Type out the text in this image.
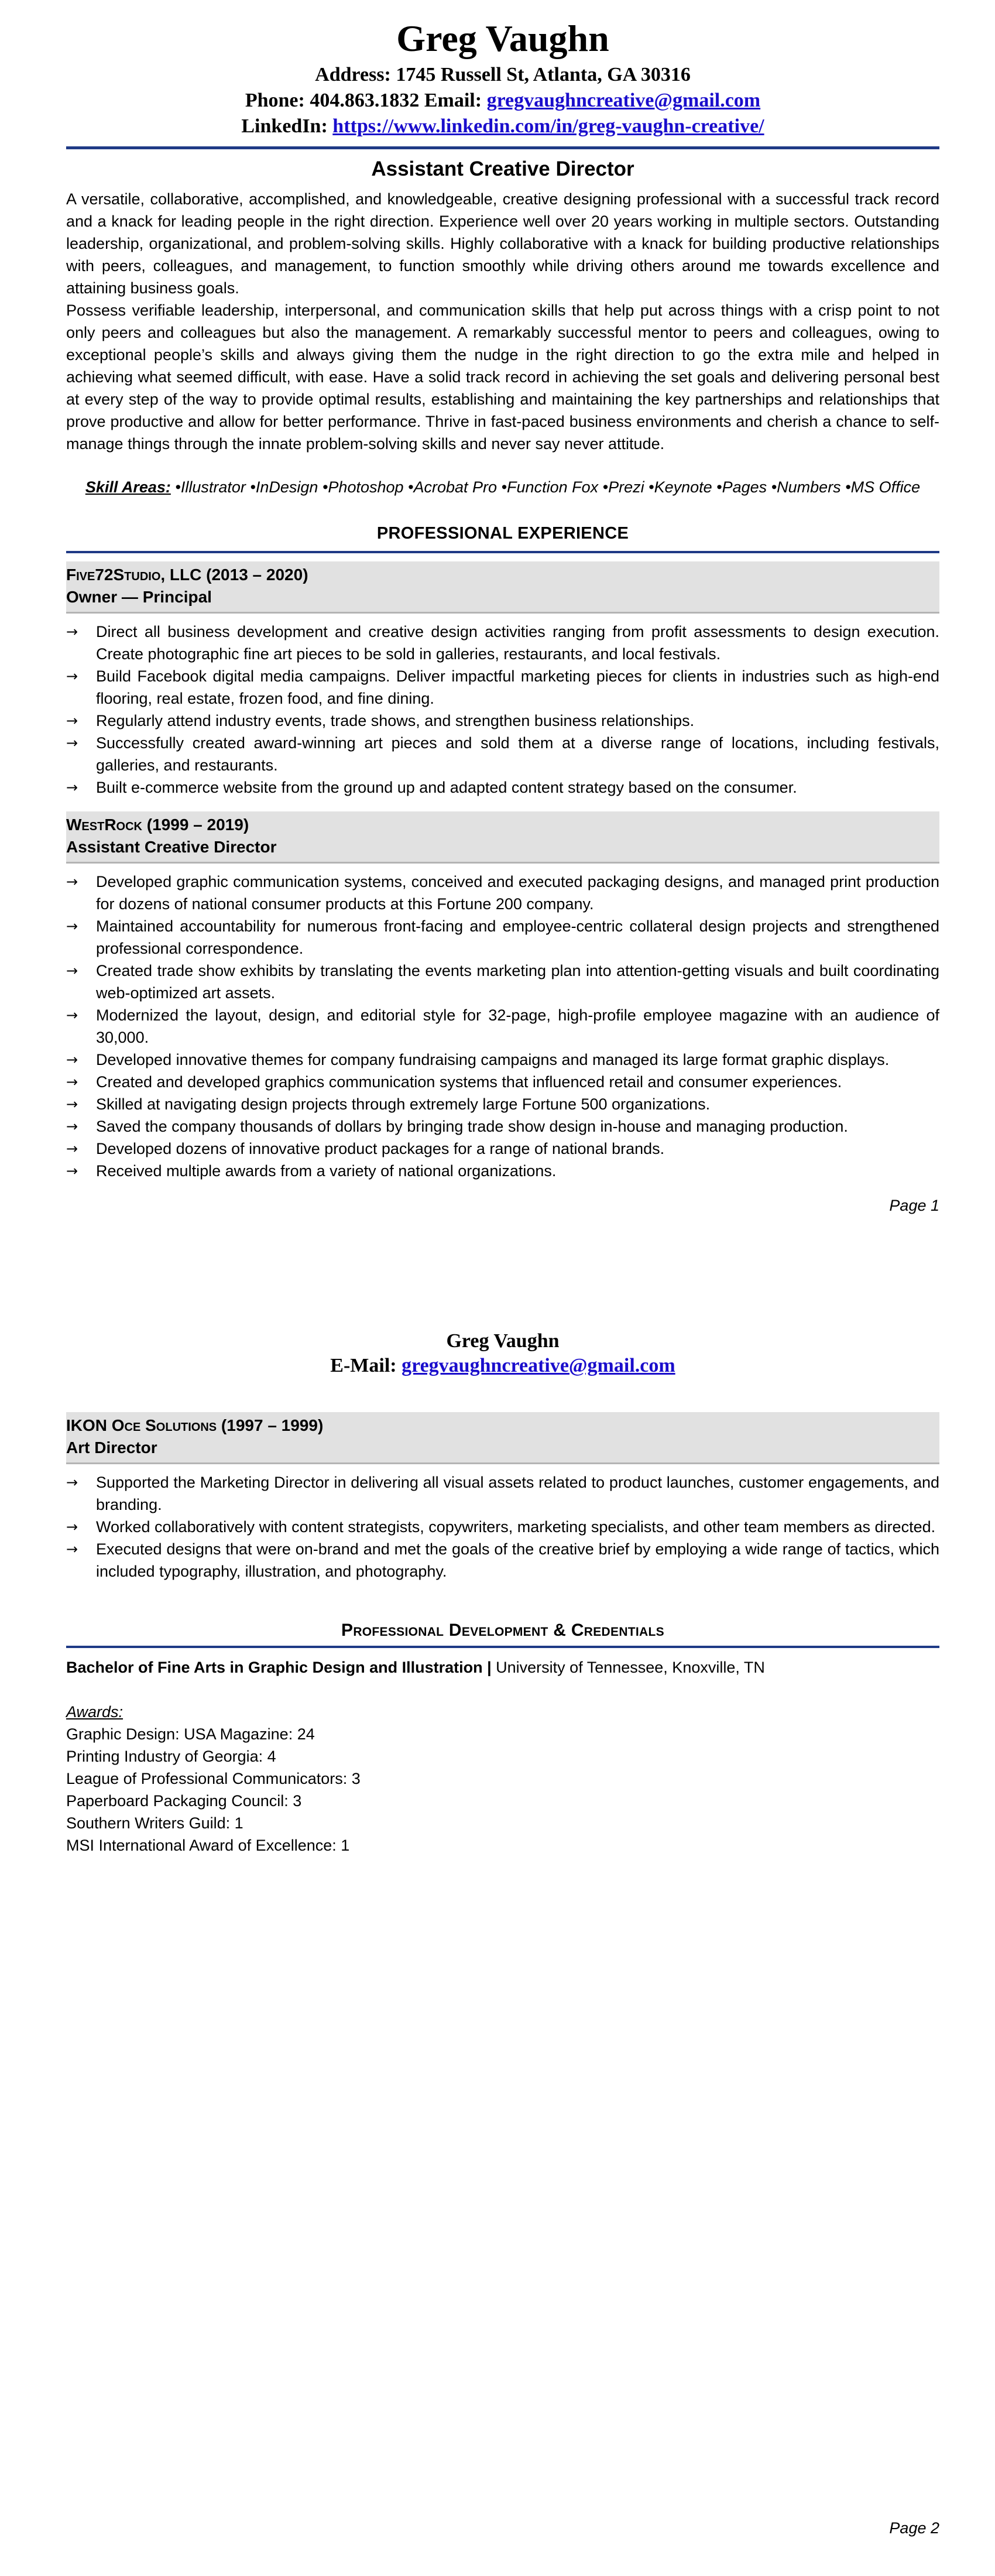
Greg Vaughn
Address: 1745 Russell St, Atlanta, GA 30316
Phone: 404.863.1832 Email: gregvaughncreative@gmail.com
LinkedIn: https://www.linkedin.com/in/greg-vaughn-creative/
Assistant Creative Director

A versatile, collaborative, accomplished, and knowledgeable, creative designing professional with a successful track record and a knack for leading people in the right direction. Experience well over 20 years working in multiple sectors. Outstanding leadership, organizational, and problem-solving skills. Highly collaborative with a knack for building productive relationships with peers, colleagues, and management, to function smoothly while driving others around me towards excellence and attaining business goals.

Possess verifiable leadership, interpersonal, and communication skills that help put across things with a crisp point to not only peers and colleagues but also the management. A remarkably successful mentor to peers and colleagues, owing to exceptional people’s skills and always giving them the nudge in the right direction to go the extra mile and helped in achieving what seemed difficult, with ease. Have a solid track record in achieving the set goals and delivering personal best at every step of the way to provide optimal results, establishing and maintaining the key partnerships and relationships that prove productive and allow for better performance. Thrive in fast-paced business environments and cherish a chance to self-manage things through the innate problem-solving skills and never say never attitude.

Skill Areas: •Illustrator •InDesign •Photoshop •Acrobat Pro •Function Fox •Prezi •Keynote •Pages •Numbers •MS Office
PROFESSIONAL EXPERIENCE
Five72Studio, LLC (2013 – 2020)
Owner — Principal
→ Direct all business development and creative design activities ranging from profit assessments to design execution. Create photographic fine art pieces to be sold in galleries, restaurants, and local festivals.
→ Build Facebook digital media campaigns. Deliver impactful marketing pieces for clients in industries such as high-end flooring, real estate, frozen food, and fine dining.
→ Regularly attend industry events, trade shows, and strengthen business relationships.
→ Successfully created award-winning art pieces and sold them at a diverse range of locations, including festivals, galleries, and restaurants.
→ Built e-commerce website from the ground up and adapted content strategy based on the consumer.
WestRock (1999 – 2019)
Assistant Creative Director
→ Developed graphic communication systems, conceived and executed packaging designs, and managed print production for dozens of national consumer products at this Fortune 200 company.
→ Maintained accountability for numerous front-facing and employee-centric collateral design projects and strengthened professional correspondence.
→ Created trade show exhibits by translating the events marketing plan into attention-getting visuals and built coordinating web-optimized art assets.
→ Modernized the layout, design, and editorial style for 32-page, high-profile employee magazine with an audience of 30,000.
→ Developed innovative themes for company fundraising campaigns and managed its large format graphic displays.
→ Created and developed graphics communication systems that influenced retail and consumer experiences.
→ Skilled at navigating design projects through extremely large Fortune 500 organizations.
→ Saved the company thousands of dollars by bringing trade show design in-house and managing production.
→ Developed dozens of innovative product packages for a range of national brands.
→ Received multiple awards from a variety of national organizations.
Page 1
Greg Vaughn
E-Mail: gregvaughncreative@gmail.com
IKON Oce Solutions (1997 – 1999)
Art Director
→ Supported the Marketing Director in delivering all visual assets related to product launches, customer engagements, and branding.
→ Worked collaboratively with content strategists, copywriters, marketing specialists, and other team members as directed.
→ Executed designs that were on-brand and met the goals of the creative brief by employing a wide range of tactics, which included typography, illustration, and photography.
Professional Development & Credentials
Bachelor of Fine Arts in Graphic Design and Illustration | University of Tennessee, Knoxville, TN
Awards:
Graphic Design: USA Magazine: 24
Printing Industry of Georgia: 4
League of Professional Communicators: 3
Paperboard Packaging Council: 3
Southern Writers Guild: 1
MSI International Award of Excellence: 1
Page 2
